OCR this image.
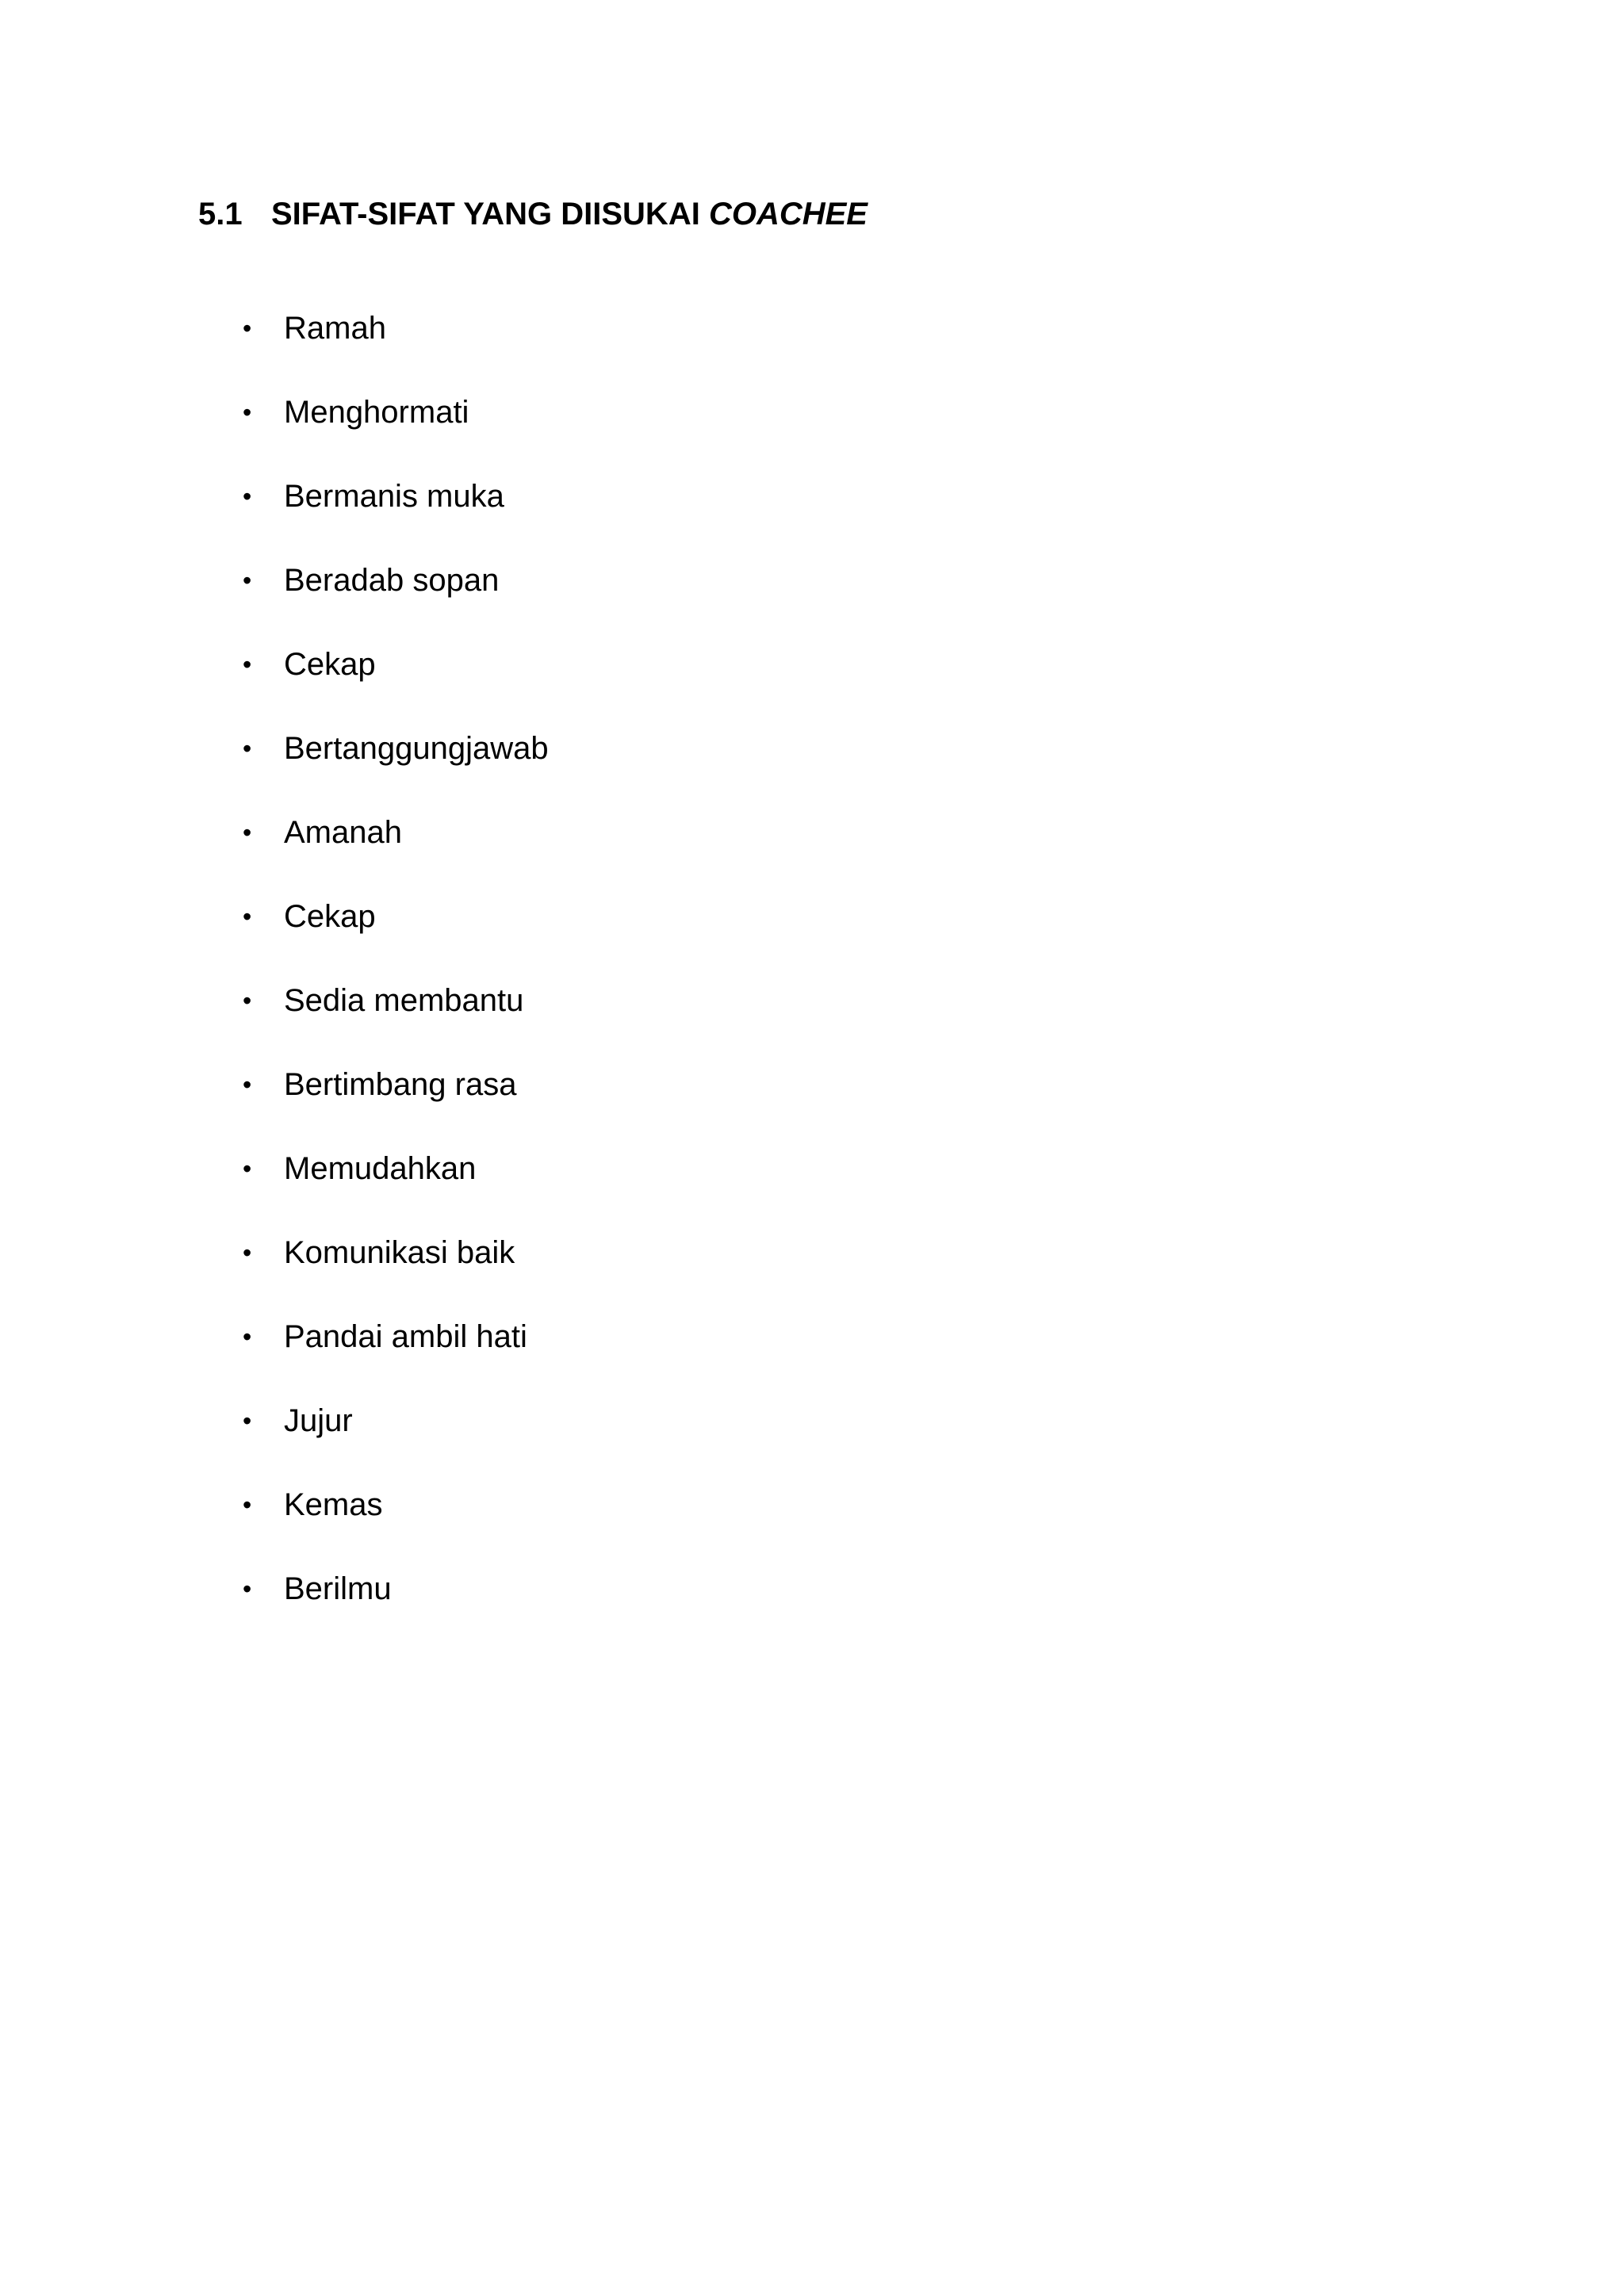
5.1 SIFAT-SIFAT YANG DIISUKAI COACHEE
•	Ramah
•	Menghormati
•	Bermanis muka
•	Beradab sopan
•	Cekap
•	Bertanggungjawab
•	Amanah
•	Cekap
•	Sedia membantu
•	Bertimbang rasa
•	Memudahkan
•	Komunikasi baik
•	Pandai ambil hati
•	Jujur
•	Kemas
•	Berilmu
